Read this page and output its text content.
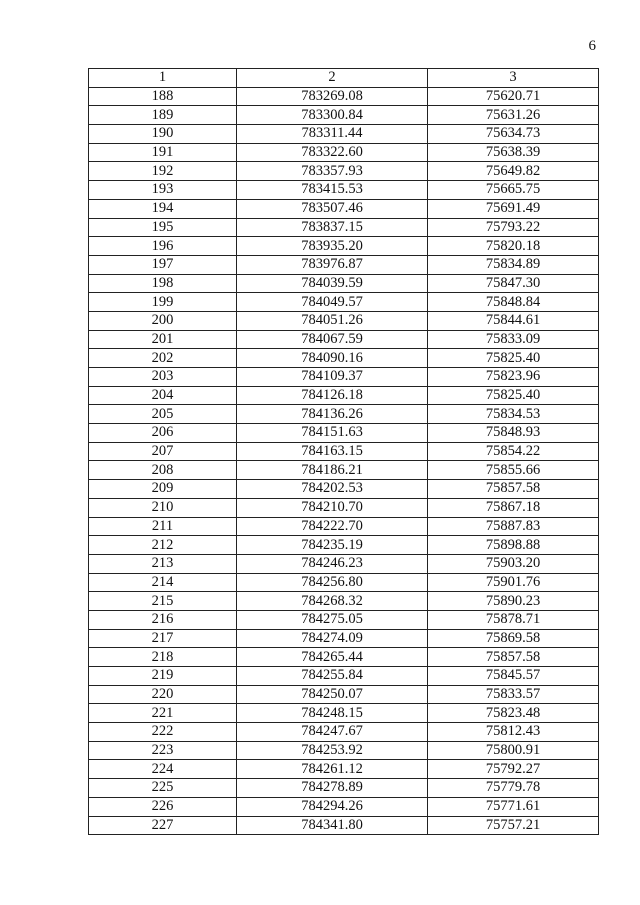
6
1	2	3
188	783269.08	75620.71
189	783300.84	75631.26
190	783311.44	75634.73
191	783322.60	75638.39
192	783357.93	75649.82
193	783415.53	75665.75
194	783507.46	75691.49
195	783837.15	75793.22
196	783935.20	75820.18
197	783976.87	75834.89
198	784039.59	75847.30
199	784049.57	75848.84
200	784051.26	75844.61
201	784067.59	75833.09
202	784090.16	75825.40
203	784109.37	75823.96
204	784126.18	75825.40
205	784136.26	75834.53
206	784151.63	75848.93
207	784163.15	75854.22
208	784186.21	75855.66
209	784202.53	75857.58
210	784210.70	75867.18
211	784222.70	75887.83
212	784235.19	75898.88
213	784246.23	75903.20
214	784256.80	75901.76
215	784268.32	75890.23
216	784275.05	75878.71
217	784274.09	75869.58
218	784265.44	75857.58
219	784255.84	75845.57
220	784250.07	75833.57
221	784248.15	75823.48
222	784247.67	75812.43
223	784253.92	75800.91
224	784261.12	75792.27
225	784278.89	75779.78
226	784294.26	75771.61
227	784341.80	75757.21
